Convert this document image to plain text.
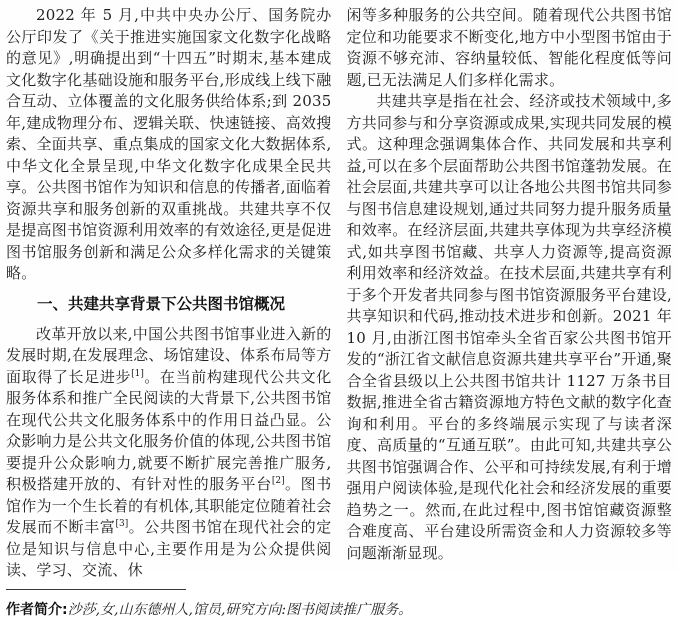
2022 年 5 月,中共中央办公厅、国务院办公厅印发了《关于推进实施国家文化数字化战略的意见》,明确提出到“十四五”时期末,基本建成文化数字化基础设施和服务平台,形成线上线下融合互动、立体覆盖的文化服务供给体系;到 2035 年,建成物理分布、逻辑关联、快速链接、高效搜索、全面共享、重点集成的国家文化大数据体系,中华文化全景呈现,中华文化数字化成果全民共享。公共图书馆作为知识和信息的传播者,面临着资源共享和服务创新的双重挑战。共建共享不仅是提高图书馆资源利用效率的有效途径,更是促进图书馆服务创新和满足公众多样化需求的关键策略。

一、共建共享背景下公共图书馆概况

改革开放以来,中国公共图书馆事业进入新的发展时期,在发展理念、场馆建设、体系布局等方面取得了长足进步[1]。在当前构建现代公共文化服务体系和推广全民阅读的大背景下,公共图书馆在现代公共文化服务体系中的作用日益凸显。公众影响力是公共文化服务价值的体现,公共图书馆要提升公众影响力,就要不断扩展完善推广服务,积极搭建开放的、有针对性的服务平台[2]。图书馆作为一个生长着的有机体,其职能定位随着社会发展而不断丰富[3]。公共图书馆在现代社会的定位是知识与信息中心,主要作用是为公众提供阅读、学习、交流、休

闲等多种服务的公共空间。随着现代公共图书馆定位和功能要求不断变化,地方中小型图书馆由于资源不够充沛、容纳量较低、智能化程度低等问题,已无法满足人们多样化需求。

共建共享是指在社会、经济或技术领域中,多方共同参与和分享资源或成果,实现共同发展的模式。这种理念强调集体合作、共同发展和共享利益,可以在多个层面帮助公共图书馆蓬勃发展。在社会层面,共建共享可以让各地公共图书馆共同参与图书信息建设规划,通过共同努力提升服务质量和效率。在经济层面,共建共享体现为共享经济模式,如共享图书馆藏、共享人力资源等,提高资源利用效率和经济效益。在技术层面,共建共享有利于多个开发者共同参与图书馆资源服务平台建设,共享知识和代码,推动技术进步和创新。2021 年 10 月,由浙江图书馆牵头全省百家公共图书馆开发的“浙江省文献信息资源共建共享平台”开通,聚合全省县级以上公共图书馆共计 1127 万条书目数据,推进全省古籍资源地方特色文献的数字化查询和利用。平台的多终端展示实现了与读者深度、高质量的“互通互联”。由此可知,共建共享公共图书馆强调合作、公平和可持续发展,有利于增强用户阅读体验,是现代化社会和经济发展的重要趋势之一。然而,在此过程中,图书馆馆藏资源整合难度高、平台建设所需资金和人力资源较多等问题渐渐显现。

作者简介:沙莎,女,山东德州人,馆员,研究方向:图书阅读推广服务。
